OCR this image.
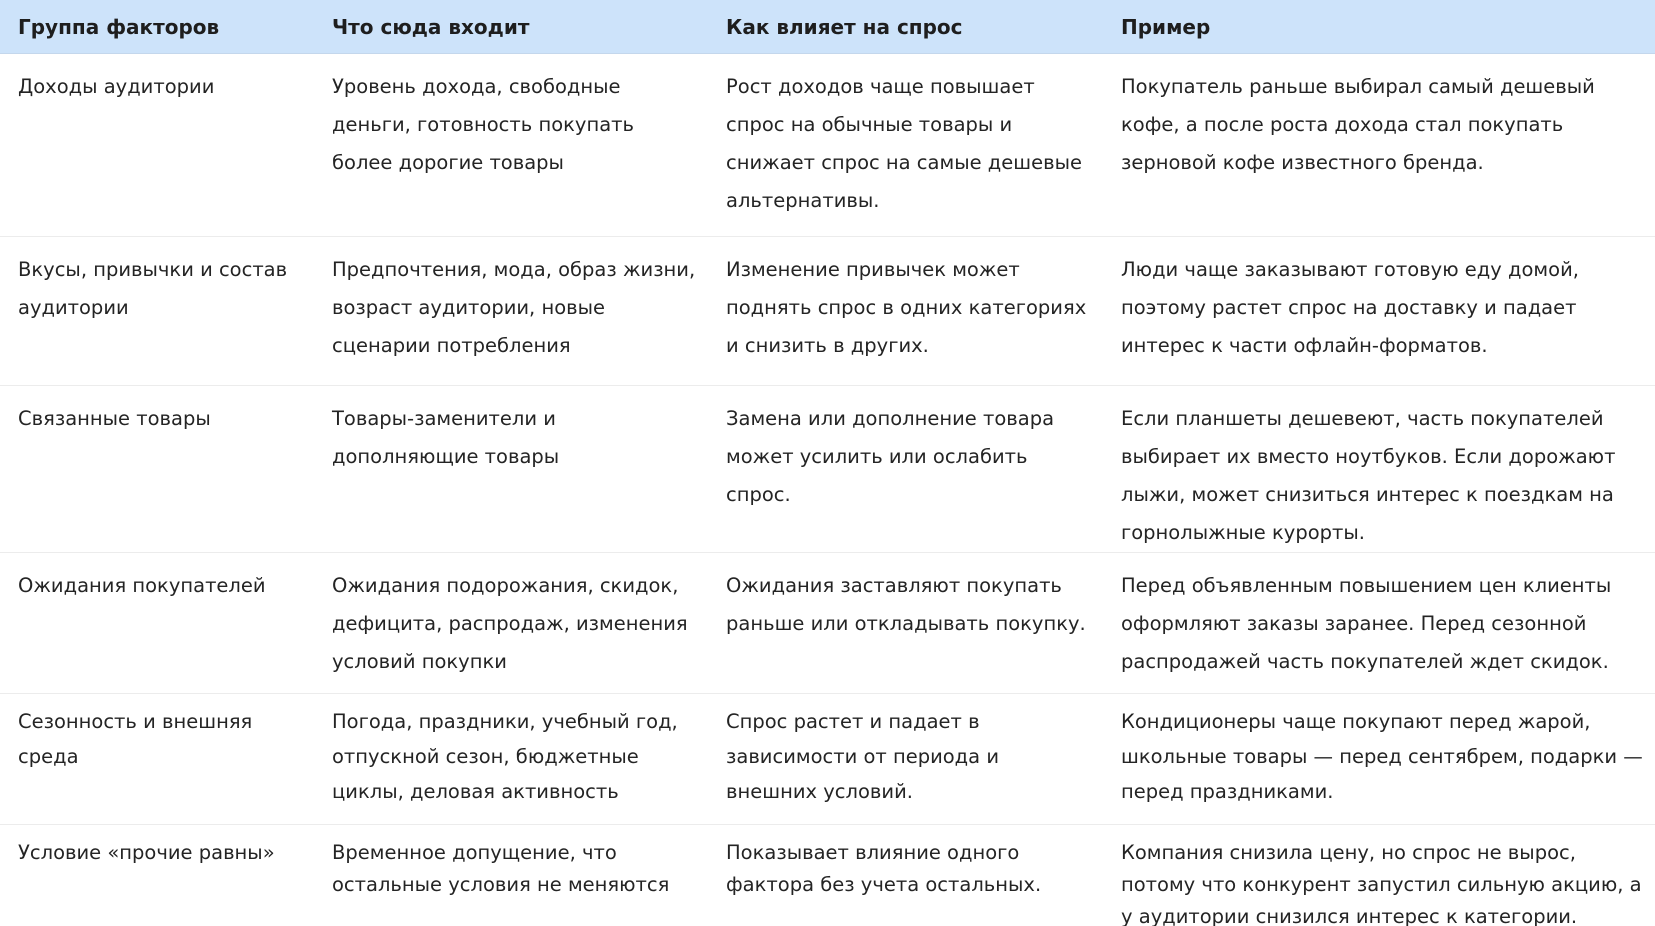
Группа факторов	Что сюда входит	Как влияет на спрос	Пример
Доходы аудитории	Уровень дохода, свободные деньги, готовность покупать более дорогие товары	Рост доходов чаще повышает спрос на обычные товары и снижает спрос на самые дешевые альтернативы.	Покупатель раньше выбирал самый дешевый кофе, а после роста дохода стал покупать зерновой кофе известного бренда.
Вкусы, привычки и состав аудитории	Предпочтения, мода, образ жизни, возраст аудитории, новые сценарии потребления	Изменение привычек может поднять спрос в одних категориях и снизить в других.	Люди чаще заказывают готовую еду домой, поэтому растет спрос на доставку и падает интерес к части офлайн-форматов.
Связанные товары	Товары-заменители и дополняющие товары	Замена или дополнение товара может усилить или ослабить спрос.	Если планшеты дешевеют, часть покупателей выбирает их вместо ноутбуков. Если дорожают лыжи, может снизиться интерес к поездкам на горнолыжные курорты.
Ожидания покупателей	Ожидания подорожания, скидок, дефицита, распродаж, изменения условий покупки	Ожидания заставляют покупать раньше или откладывать покупку.	Перед объявленным повышением цен клиенты оформляют заказы заранее. Перед сезонной распродажей часть покупателей ждет скидок.
Сезонность и внешняя среда	Погода, праздники, учебный год, отпускной сезон, бюджетные циклы, деловая активность	Спрос растет и падает в зависимости от периода и внешних условий.	Кондиционеры чаще покупают перед жарой, школьные товары — перед сентябрем, подарки — перед праздниками.
Условие «прочие равны»	Временное допущение, что остальные условия не меняются	Показывает влияние одного фактора без учета остальных.	Компания снизила цену, но спрос не вырос, потому что конкурент запустил сильную акцию, а у аудитории снизился интерес к категории.
